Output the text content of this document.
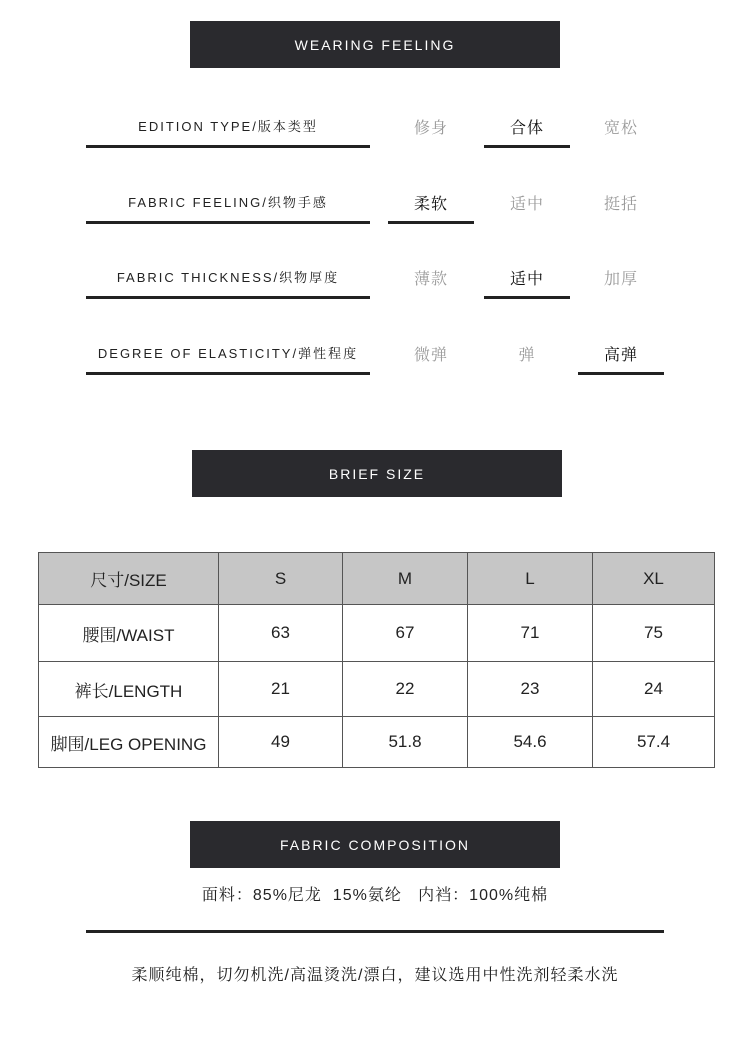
WEARING FEELING
EDITION TYPE/版本类型	修身	合体	宽松
FABRIC FEELING/织物手感	柔软	适中	挺括
FABRIC THICKNESS/织物厚度	薄款	适中	加厚
DEGREE OF ELASTICITY/弹性程度	微弹	弹	高弹
BRIEF SIZE
尺寸/SIZE	S	M	L	XL
腰围/WAIST	63	67	71	75
裤长/LENGTH	21	22	23	24
脚围/LEG OPENING	49	51.8	54.6	57.4
FABRIC COMPOSITION
面料：85%尼龙  15%氨纶   内裆：100%纯棉
柔顺纯棉，切勿机洗/高温烫洗/漂白，建议选用中性洗剂轻柔水洗
